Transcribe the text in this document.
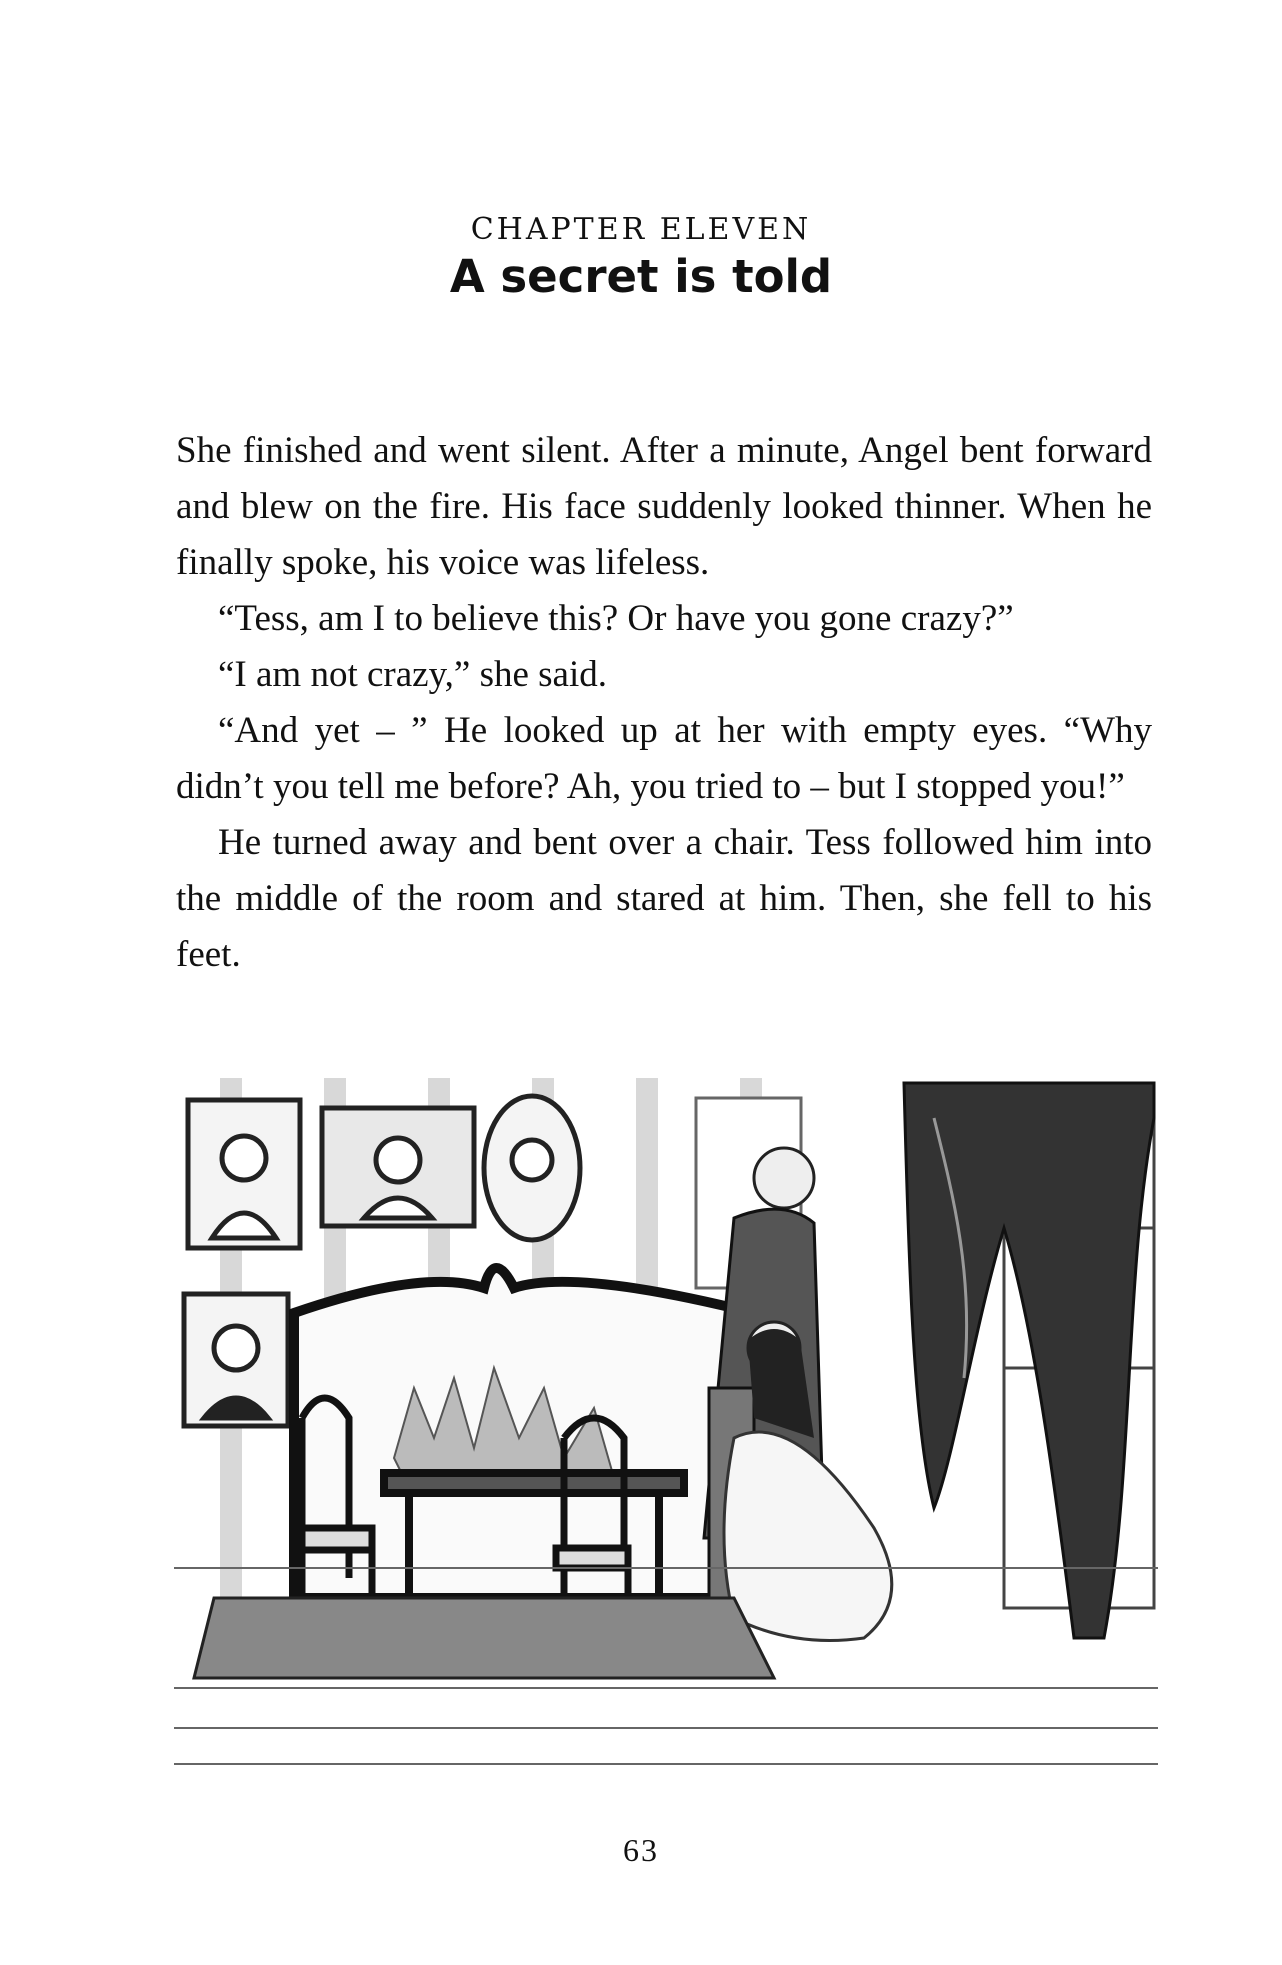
CHAPTER ELEVEN
A secret is told

She finished and went silent. After a minute, Angel bent forward and blew on the fire. His face suddenly looked thinner. When he finally spoke, his voice was lifeless.

“Tess, am I to believe this? Or have you gone crazy?”

“I am not crazy,” she said.

“And yet – ” He looked up at her with empty eyes. “Why didn’t you tell me before? Ah, you tried to – but I stopped you!”

He turned away and bent over a chair. Tess followed him into the middle of the room and stared at him. Then, she fell to his feet.

63
